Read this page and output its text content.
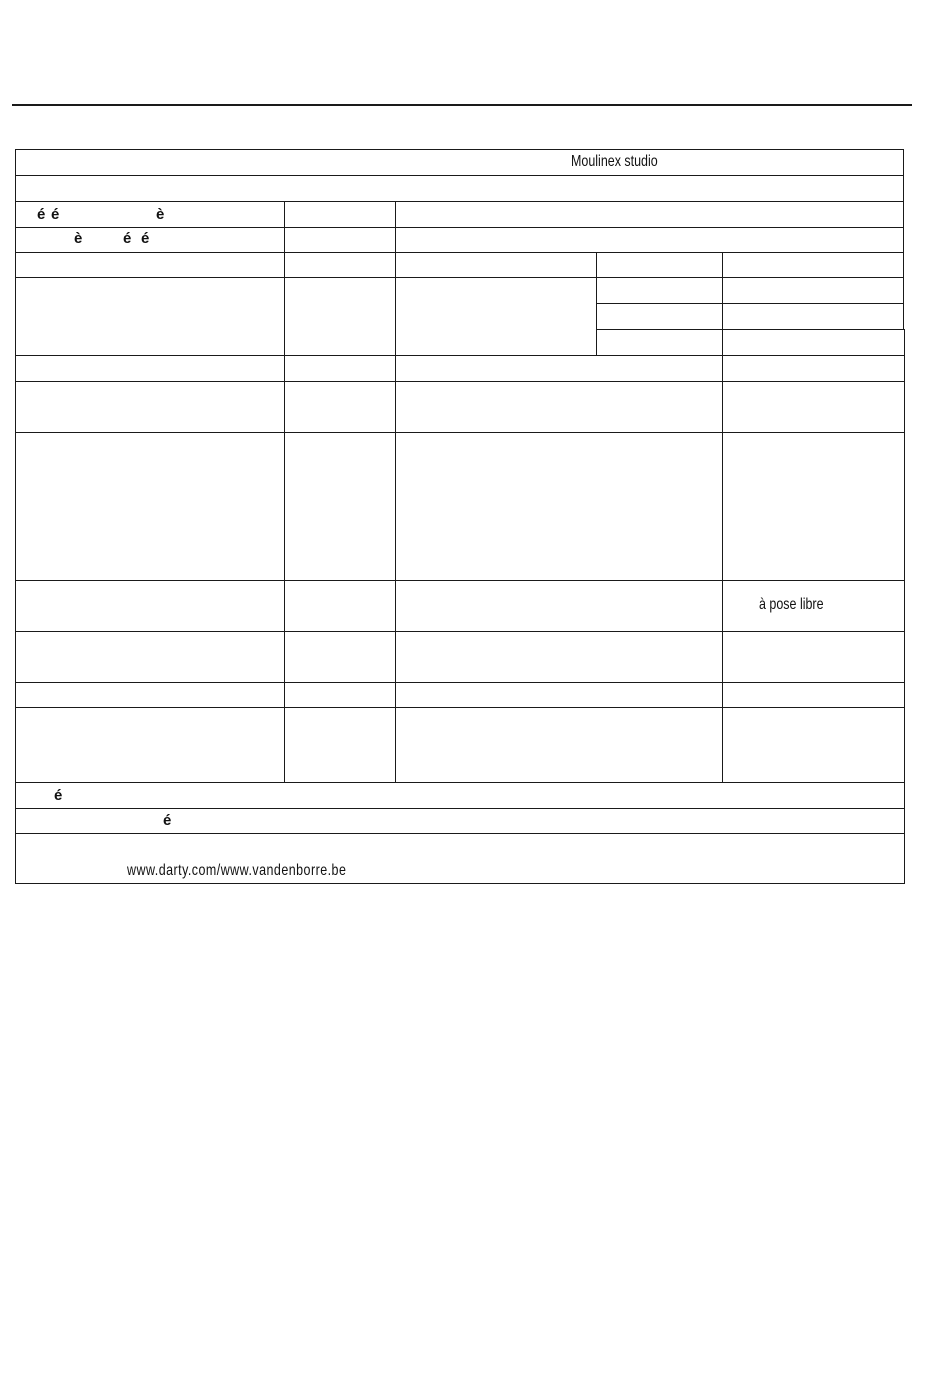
Moulinex studio
é é	è
è	é é
à pose libre
é
é
www.darty.com/www.vandenborre.be
